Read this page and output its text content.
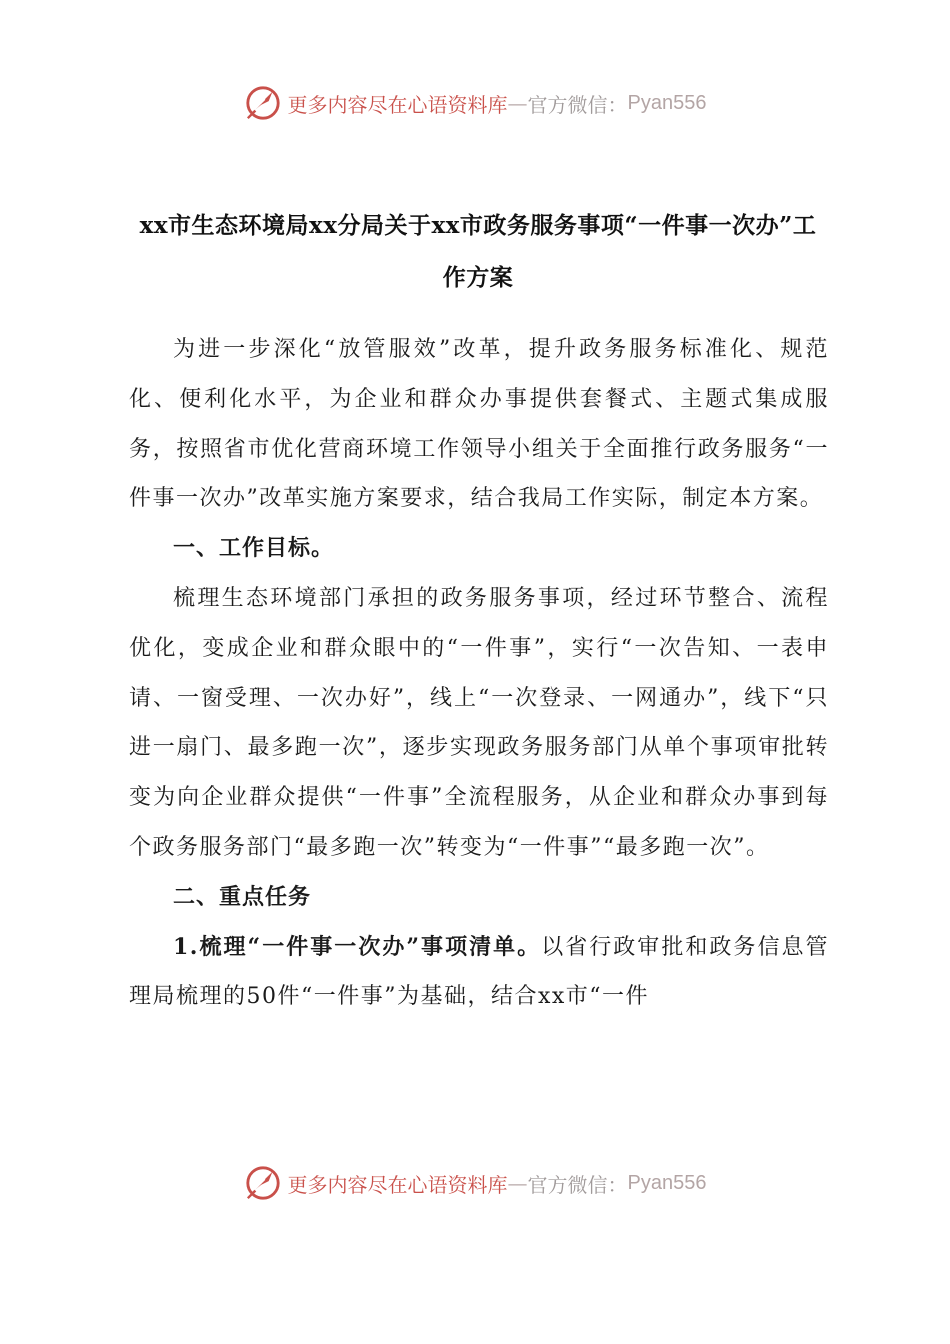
更多内容尽在心语资料库 — 官方微信： Pyan556
xx市生态环境局xx分局关于xx市政务服务事项“一件事一次办”工作方案

为进一步深化“放管服效”改革，提升政务服务标准化、规范化、便利化水平，为企业和群众办事提供套餐式、主题式集成服务，按照省市优化营商环境工作领导小组关于全面推行政务服务“一件事一次办”改革实施方案要求，结合我局工作实际，制定本方案。

一、工作目标。

梳理生态环境部门承担的政务服务事项，经过环节整合、流程优化，变成企业和群众眼中的“一件事”，实行“一次告知、一表申请、一窗受理、一次办好”，线上“一次登录、一网通办”，线下“只进一扇门、最多跑一次”，逐步实现政务服务部门从单个事项审批转变为向企业群众提供“一件事”全流程服务，从企业和群众办事到每个政务服务部门“最多跑一次”转变为“一件事”“最多跑一次”。

二、重点任务

1.梳理“一件事一次办”事项清单。以省行政审批和政务信息管理局梳理的50件“一件事”为基础，结合xx市“一件

更多内容尽在心语资料库 — 官方微信： Pyan556
